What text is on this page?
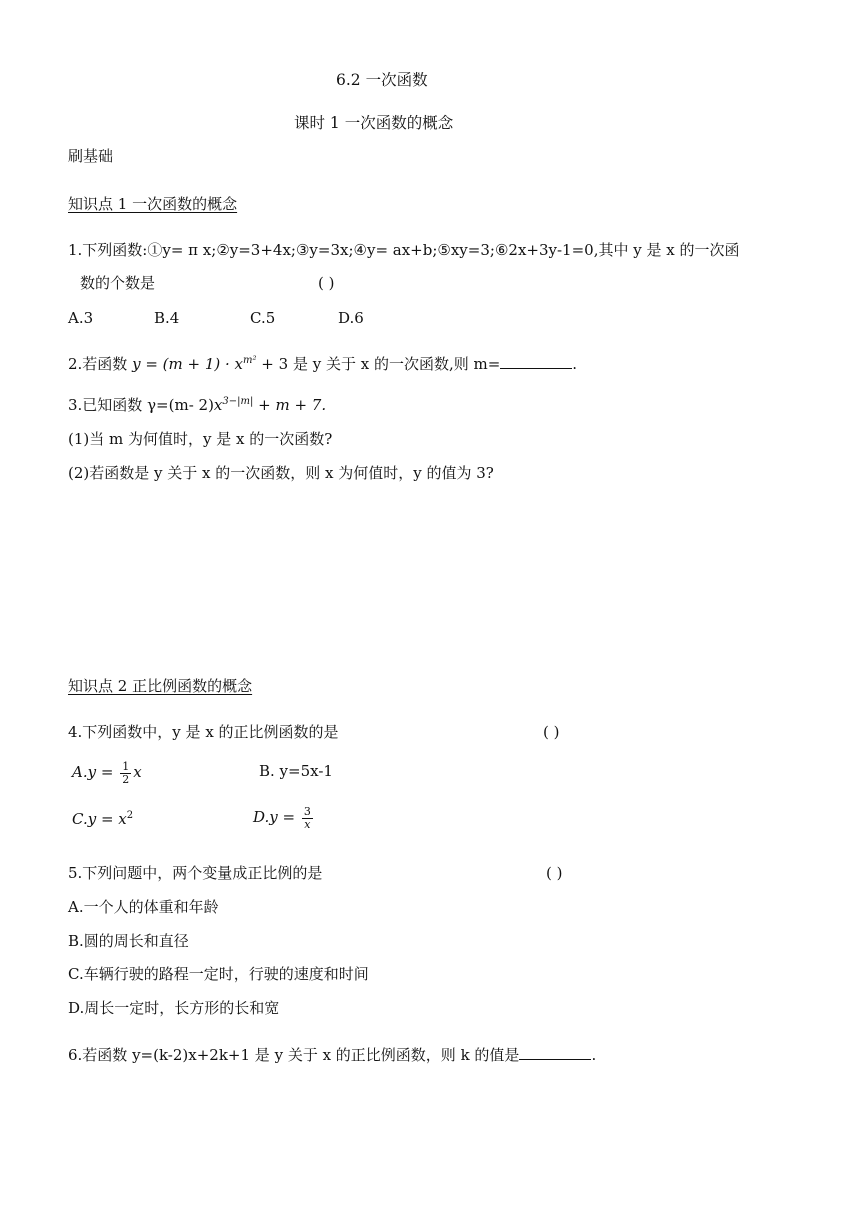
6.2 一次函数
课时 1 一次函数的概念
刷基础
知识点 1 一次函数的概念
1.下列函数:①y= π x;②y=3+4x;③y=3x;④y= ax+b;⑤xy=3;⑥2x+3y-1=0,其中 y 是 x 的一次函
数的个数是	( )
A.3	B.4	C.5	D.6
2.若函数 $y = (m + 1) \cdot x^{m^2} + 3$ 是 y 关于 x 的一次函数,则 m=	.
3.已知函数 γ=(m- $2)x^{3-|m|} + m + 7$.
(1)当 m 为何值时，y 是 x 的一次函数?
(2)若函数是 y 关于 x 的一次函数，则 x 为何值时，y 的值为 3?
知识点 2 正比例函数的概念
4.下列函数中，y 是 x 的正比例函数的是	( )
$A.y = \frac{1}{2}$ x	B. y=5x-1
$C.y = x^2$	$D.y = \frac{3}{x}$
5.下列问题中，两个变量成正比例的是	( )
A.一个人的体重和年龄
B.圆的周长和直径
C.车辆行驶的路程一定时，行驶的速度和时间
D.周长一定时，长方形的长和宽
6.若函数 y=(k-2)x+2k+1 是 y 关于 x 的正比例函数，则 k 的值是	.
